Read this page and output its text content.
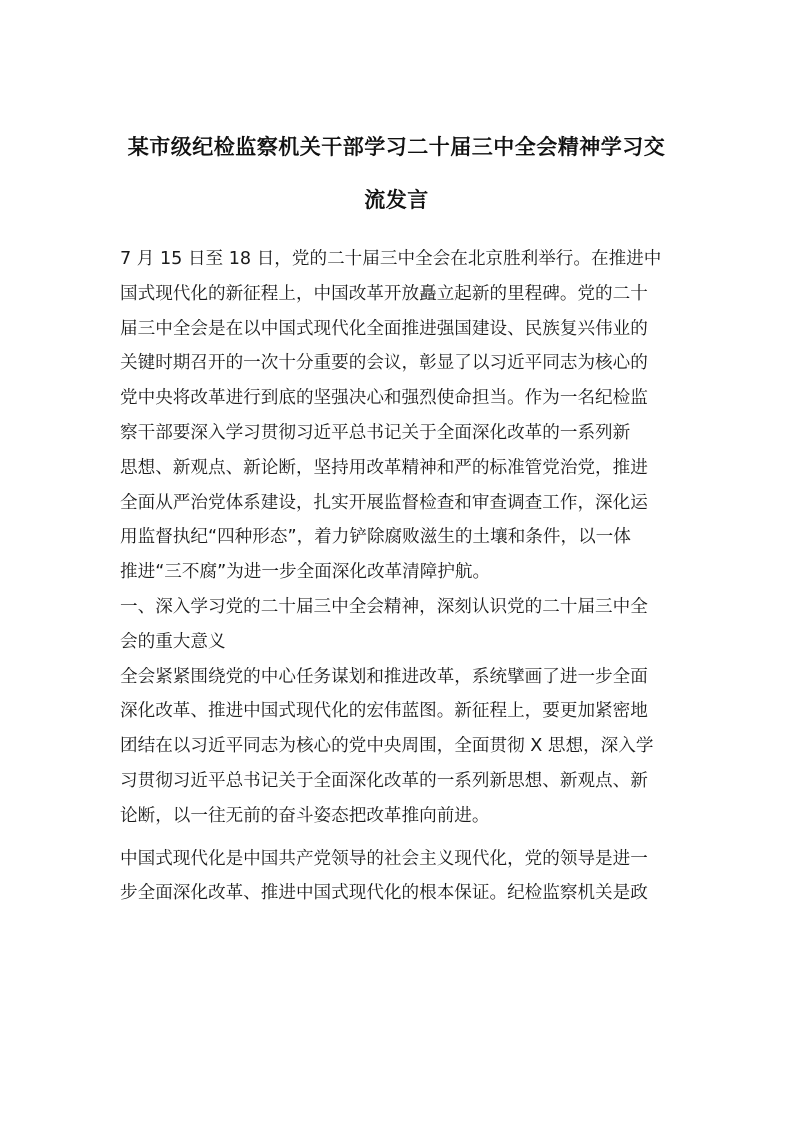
某市级纪检监察机关干部学习二十届三中全会精神学习交
流发言
7 月 15 日至 18 日，党的二十届三中全会在北京胜利举行。在推进中
国式现代化的新征程上，中国改革开放矗立起新的里程碑。党的二十
届三中全会是在以中国式现代化全面推进强国建设、民族复兴伟业的
关键时期召开的一次十分重要的会议，彰显了以习近平同志为核心的
党中央将改革进行到底的坚强决心和强烈使命担当。作为一名纪检监
察干部要深入学习贯彻习近平总书记关于全面深化改革的一系列新
思想、新观点、新论断，坚持用改革精神和严的标准管党治党，推进
全面从严治党体系建设，扎实开展监督检查和审查调查工作，深化运
用监督执纪“四种形态”，着力铲除腐败滋生的土壤和条件，以一体
推进“三不腐”为进一步全面深化改革清障护航。
一、深入学习党的二十届三中全会精神，深刻认识党的二十届三中全
会的重大意义
全会紧紧围绕党的中心任务谋划和推进改革，系统擘画了进一步全面
深化改革、推进中国式现代化的宏伟蓝图。新征程上，要更加紧密地
团结在以习近平同志为核心的党中央周围，全面贯彻 X 思想，深入学
习贯彻习近平总书记关于全面深化改革的一系列新思想、新观点、新
论断，以一往无前的奋斗姿态把改革推向前进。
中国式现代化是中国共产党领导的社会主义现代化，党的领导是进一
步全面深化改革、推进中国式现代化的根本保证。纪检监察机关是政
